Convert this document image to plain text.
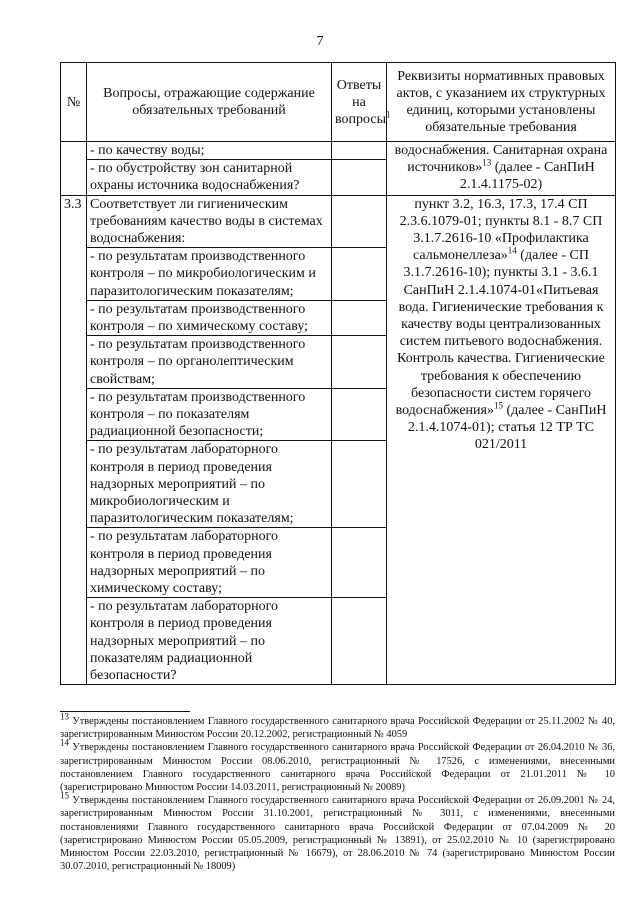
7
№	Вопросы, отражающие содержание обязательных требований	Ответы на вопросы$^1$	Реквизиты нормативных правовых актов, с указанием их структурных единиц, которыми установлены обязательные требования
	- по качеству воды;		водоснабжения. Санитарная охрана источников»$^{13}$ (далее - СанПиН 2.1.4.1175-02)
	- по обустройству зон санитарной охраны источника водоснабжения?		
3.3	Соответствует ли гигиеническим требованиям качество воды в системах водоснабжения:		пункт 3.2, 16.3, 17.3, 17.4 СП 2.3.6.1079-01; пункты 8.1 - 8.7 СП 3.1.7.2616-10 «Профилактика сальмонеллеза»$^{14}$ (далее - СП 3.1.7.2616-10); пункты 3.1 - 3.6.1 СанПиН 2.1.4.1074-01«Питьевая вода. Гигиенические требования к качеству воды централизованных систем питьевого водоснабжения. Контроль качества. Гигиенические требования к обеспечению безопасности систем горячего водоснабжения»$^{15}$ (далее - СанПиН 2.1.4.1074-01); статья 12 ТР ТС 021/2011
	- по результатам производственного контроля – по микробиологическим и паразитологическим показателям;		
	- по результатам производственного контроля – по химическому составу;		
	- по результатам производственного контроля – по органолептическим свойствам;		
	- по результатам производственного контроля – по показателям радиационной безопасности;		
	- по результатам лабораторного контроля в период проведения надзорных мероприятий – по микробиологическим и паразитологическим показателям;		
	- по результатам лабораторного контроля в период проведения надзорных мероприятий – по химическому составу;		
	- по результатам лабораторного контроля в период проведения надзорных мероприятий – по показателям радиационной безопасности?		

$^{13}$ Утверждены постановлением Главного государственного санитарного врача Российской Федерации от 25.11.2002 № 40, зарегистрированным Минюстом России 20.12.2002, регистрационный № 4059

$^{14}$ Утверждены постановлением Главного государственного санитарного врача Российской Федерации от 26.04.2010 № 36, зарегистрированным Минюстом России 08.06.2010, регистрационный № 17526, с изменениями, внесенными постановлением Главного государственного санитарного врача Российской Федерации от 21.01.2011 № 10 (зарегистрировано Минюстом России 14.03.2011, регистрационный № 20089)

$^{15}$ Утверждены постановлением Главного государственного санитарного врача Российской Федерации от 26.09.2001 № 24, зарегистрированным Минюстом России 31.10.2001, регистрационный № 3011, с изменениями, внесенными постановлениями Главного государственного санитарного врача Российской Федерации от 07.04.2009 № 20 (зарегистрировано Минюстом России 05.05.2009, регистрационный № 13891), от 25.02.2010 № 10 (зарегистрировано Минюстом России 22.03.2010, регистрационный № 16679), от 28.06.2010 № 74 (зарегистрировано Минюстом России 30.07.2010, регистрационный № 18009)
